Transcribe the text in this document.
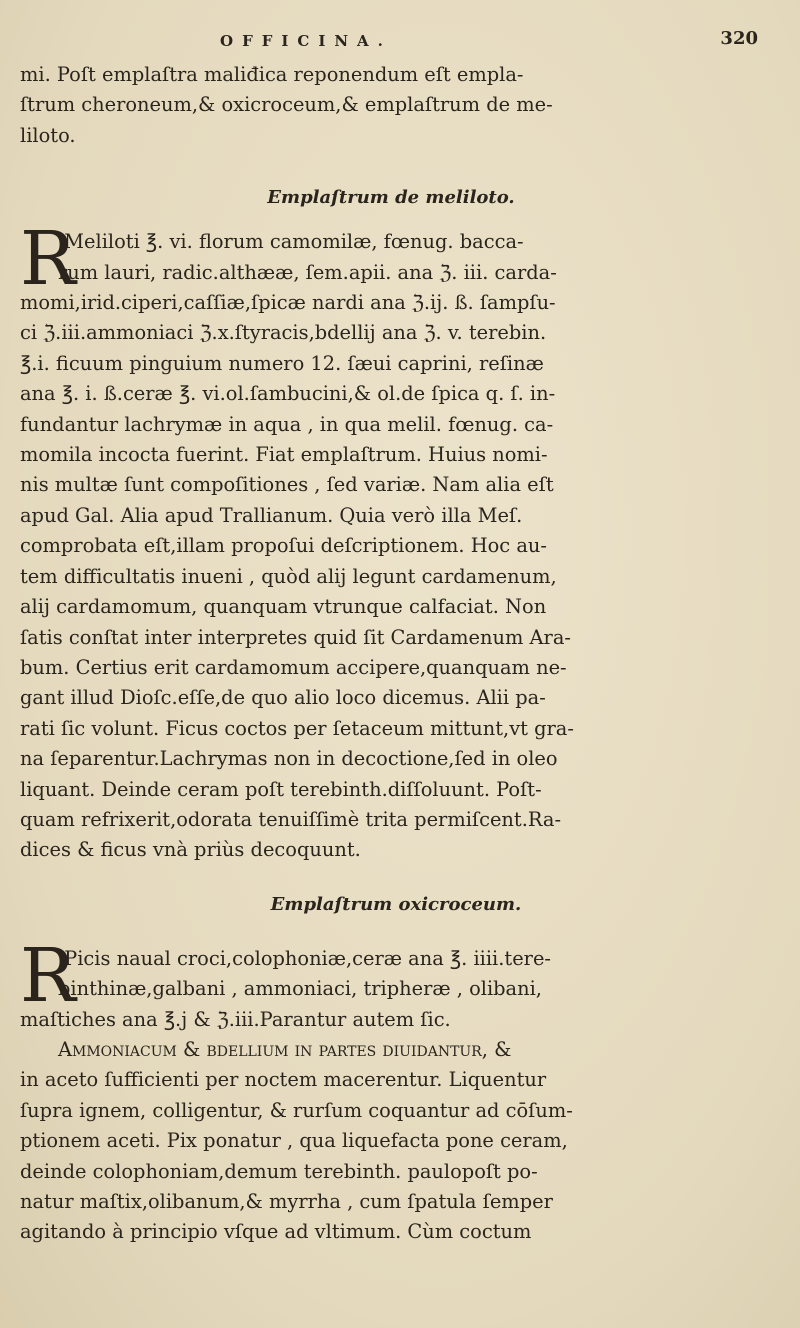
OFFICINA.	320
mi. Poſt emplaſtra maliđica reponendum eſt empla-
ſtrum cheroneum,& oxicroceum,& emplaſtrum de me-
liloto.
Emplaſtrum de meliloto.
R
.Meliloti ℥. vi. florum camomilæ, fœnug. bacca-
rum lauri, radic.althææ, ſem.apii. ana ℨ. iii. carda-
momi,irid.ciperi,caſſiæ,ſpicæ nardi ana ℨ.ij. ß. ſampſu-
ci ℨ.iii.ammoniaci ℨ.x.ſtyracis,bdellij ana ℨ. v. terebin.
℥.i. ficuum pinguium numero 12. ſæui caprini, reſinæ
ana ℥. i. ß.ceræ ℥. vi.ol.ſambucini,& ol.de ſpica q. ſ. in-
fundantur lachrymæ in aqua , in qua melil. fœnug. ca-
momila incocta fuerint. Fiat emplaſtrum. Huius nomi-
nis multæ ſunt compoſitiones , ſed variæ. Nam alia eſt
apud Gal. Alia apud Trallianum. Quia verò illa Meſ.
comprobata eſt,illam propoſui deſcriptionem. Hoc au-
tem difficultatis inueni , quòd alij legunt cardamenum,
alij cardamomum, quanquam vtrunque calfaciat. Non
ſatis conſtat inter interpretes quid ſit Cardamenum Ara-
bum. Certius erit cardamomum accipere,quanquam ne-
gant illud Dioſc.eſſe,de quo alio loco dicemus. Alii pa-
rati ſic volunt. Ficus coctos per ſetaceum mittunt,vt gra-
na ſeparentur.Lachrymas non in decoctione,ſed in oleo
liquant. Deinde ceram poſt terebinth.diſſoluunt. Poſt-
quam refrixerit,odorata tenuiſſimè trita permiſcent.Ra-
dices & ficus vnà priùs decoquunt.
Emplaſtrum oxicroceum.
R
.Picis naual croci,colophoniæ,ceræ ana ℥. iiii.tere-
binthinæ,galbani , ammoniaci, tripheræ , olibani,
maſtiches ana ℥.j & ℨ.iii.Parantur autem ſic.
Ammoniacum & bdellium in partes diuidantur, &
in aceto ſufficienti per noctem macerentur. Liquentur
ſupra ignem, colligentur, & rurſum coquantur ad cōſum-
ptionem aceti. Pix ponatur , qua liquefacta pone ceram,
deinde colophoniam,demum terebinth. paulopoſt po-
natur maſtix,olibanum,& myrrha , cum ſpatula ſemper
agitando à principio vſque ad vltimum. Cùm coctum
